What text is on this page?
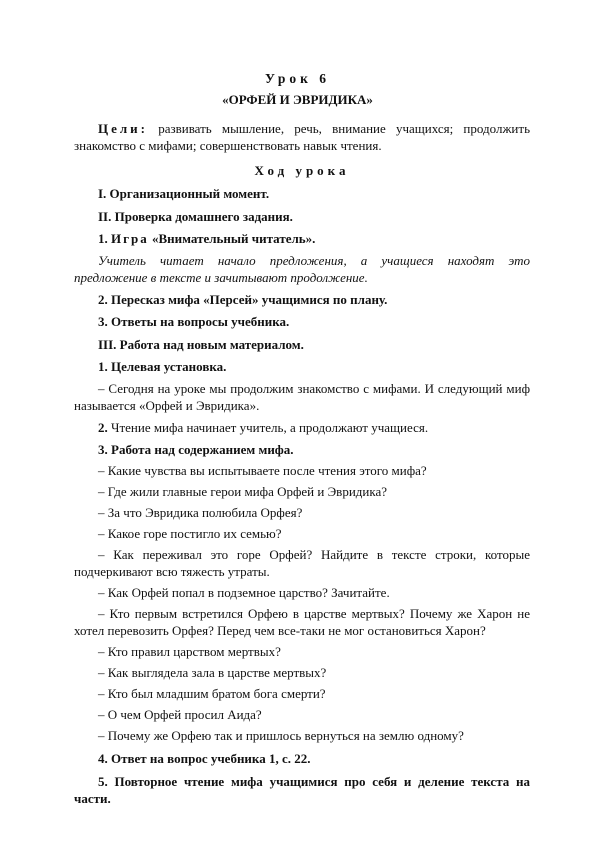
Урок 6
«ОРФЕЙ И ЭВРИДИКА»

Цели: развивать мышление, речь, внимание учащихся; продолжить знакомство с мифами; совершенствовать навык чтения.

Ход урока

I. Организационный момент.

II. Проверка домашнего задания.

1. Игра «Внимательный читатель».

Учитель читает начало предложения, а учащиеся находят это предложение в тексте и зачитывают продолжение.

2. Пересказ мифа «Персей» учащимися по плану.

3. Ответы на вопросы учебника.

III. Работа над новым материалом.

1. Целевая установка.

– Сегодня на уроке мы продолжим знакомство с мифами. И следующий миф называется «Орфей и Эвридика».

2. Чтение мифа начинает учитель, а продолжают учащиеся.

3. Работа над содержанием мифа.

– Какие чувства вы испытываете после чтения этого мифа?

– Где жили главные герои мифа Орфей и Эвридика?

– За что Эвридика полюбила Орфея?

– Какое горе постигло их семью?

– Как переживал это горе Орфей? Найдите в тексте строки, которые подчеркивают всю тяжесть утраты.

– Как Орфей попал в подземное царство? Зачитайте.

– Кто первым встретился Орфею в царстве мертвых? Почему же Харон не хотел перевозить Орфея? Перед чем все-таки не мог остановиться Харон?

– Кто правил царством мертвых?

– Как выглядела зала в царстве мертвых?

– Кто был младшим братом бога смерти?

– О чем Орфей просил Аида?

– Почему же Орфею так и пришлось вернуться на землю одному?

4. Ответ на вопрос учебника 1, с. 22.

5. Повторное чтение мифа учащимися про себя и деление текста на части.
